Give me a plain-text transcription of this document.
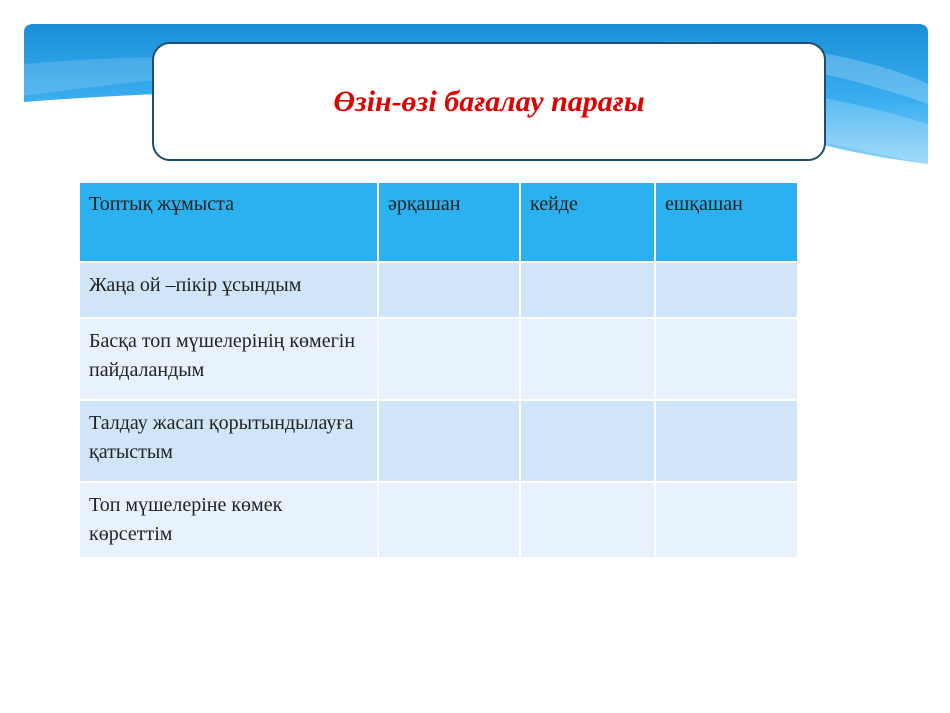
Өзін-өзі бағалау парағы
Топтық жұмыста	әрқашан	кейде	ешқашан
Жаңа ой –пікір ұсындым			
Басқа топ мүшелерінің көмегін пайдаландым			
Талдау жасап қорытындылауға қатыстым			
Топ мүшелеріне көмек көрсеттім			
